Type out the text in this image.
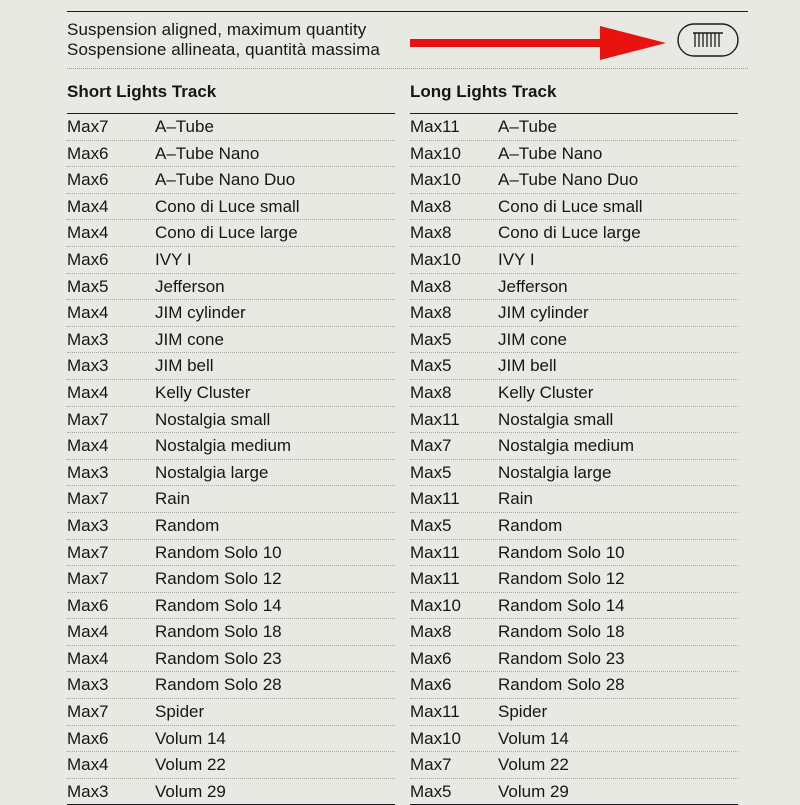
Suspension aligned, maximum quantity
Sospensione allineata, quantità massima
Short Lights Track
Max 7	A–Tube
Max 6	A–Tube Nano
Max 6	A–Tube Nano Duo
Max 4	Cono di Luce small
Max 4	Cono di Luce large
Max 6	IVY I
Max 5	Jefferson
Max 4	JIM cylinder
Max 3	JIM cone
Max 3	JIM bell
Max 4	Kelly Cluster
Max 7	Nostalgia small
Max 4	Nostalgia medium
Max 3	Nostalgia large
Max 7	Rain
Max 3	Random
Max 7	Random Solo 10
Max 7	Random Solo 12
Max 6	Random Solo 14
Max 4	Random Solo 18
Max 4	Random Solo 23
Max 3	Random Solo 28
Max 7	Spider
Max 6	Volum 14
Max 4	Volum 22
Max 3	Volum 29
Long Lights Track
Max 11	A–Tube
Max 10	A–Tube Nano
Max 10	A–Tube Nano Duo
Max 8	Cono di Luce small
Max 8	Cono di Luce large
Max 10	IVY I
Max 8	Jefferson
Max 8	JIM cylinder
Max 5	JIM cone
Max 5	JIM bell
Max 8	Kelly Cluster
Max 11	Nostalgia small
Max 7	Nostalgia medium
Max 5	Nostalgia large
Max 11	Rain
Max 5	Random
Max 11	Random Solo 10
Max 11	Random Solo 12
Max 10	Random Solo 14
Max 8	Random Solo 18
Max 6	Random Solo 23
Max 6	Random Solo 28
Max 11	Spider
Max 10	Volum 14
Max 7	Volum 22
Max 5	Volum 29
